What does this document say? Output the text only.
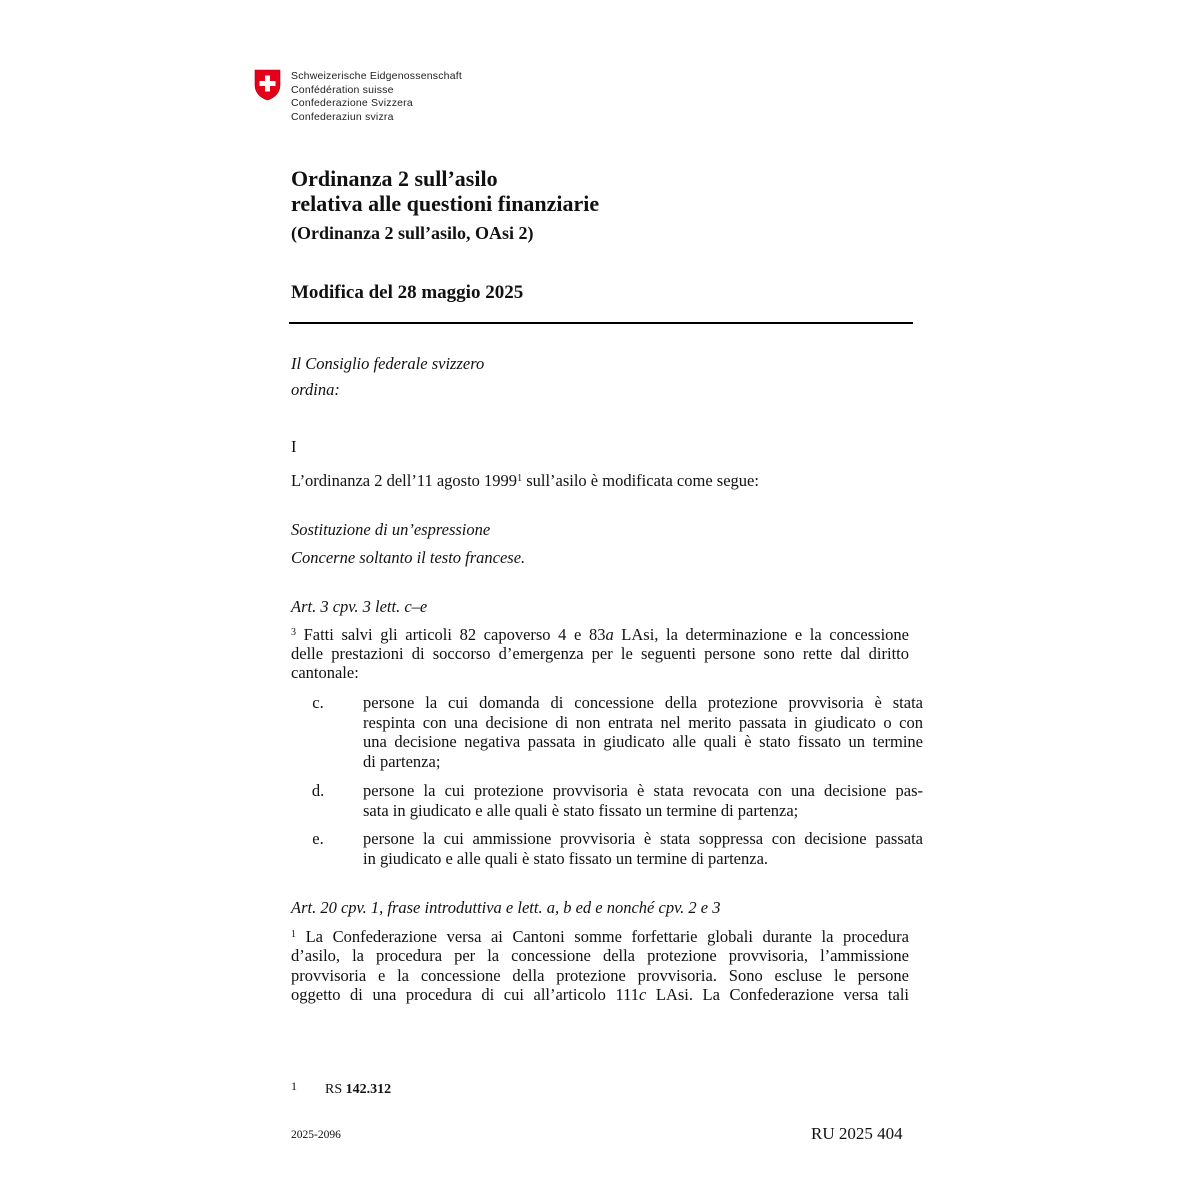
Schweizerische Eidgenossenschaft
Confédération suisse
Confederazione Svizzera
Confederaziun svizra
Ordinanza 2 sull’asilo
relativa alle questioni finanziarie
(Ordinanza 2 sull’asilo, OAsi 2)
Modifica del 28 maggio 2025
Il Consiglio federale svizzero
ordina:
I
L’ordinanza 2 dell’11 agosto 1999$^1$ sull’asilo è modificata come segue:
Sostituzione di un’espressione
Concerne soltanto il testo francese.
Art. 3 cpv. 3 lett. c–e
$^3$ Fatti salvi gli articoli 82 capoverso 4 e 83a LAsi, la determinazione e la concessione
delle prestazioni di soccorso d’emergenza per le seguenti persone sono rette dal diritto
cantonale:
c.	persone la cui domanda di concessione della protezione provvisoria è stata
respinta con una decisione di non entrata nel merito passata in giudicato o con
una decisione negativa passata in giudicato alle quali è stato fissato un termine
di partenza;
d.	persone la cui protezione provvisoria è stata revocata con una decisione pas-
sata in giudicato e alle quali è stato fissato un termine di partenza;
e.	persone la cui ammissione provvisoria è stata soppressa con decisione passata
in giudicato e alle quali è stato fissato un termine di partenza.
Art. 20 cpv. 1, frase introduttiva e lett. a, b ed e nonché cpv. 2 e 3
$^1$ La Confederazione versa ai Cantoni somme forfettarie globali durante la procedura
d’asilo, la procedura per la concessione della protezione provvisoria, l’ammissione
provvisoria e la concessione della protezione provvisoria. Sono escluse le persone
oggetto di una procedura di cui all’articolo 111c LAsi. La Confederazione versa tali
1 RS 142.312
2025-2096	RU 2025 404
